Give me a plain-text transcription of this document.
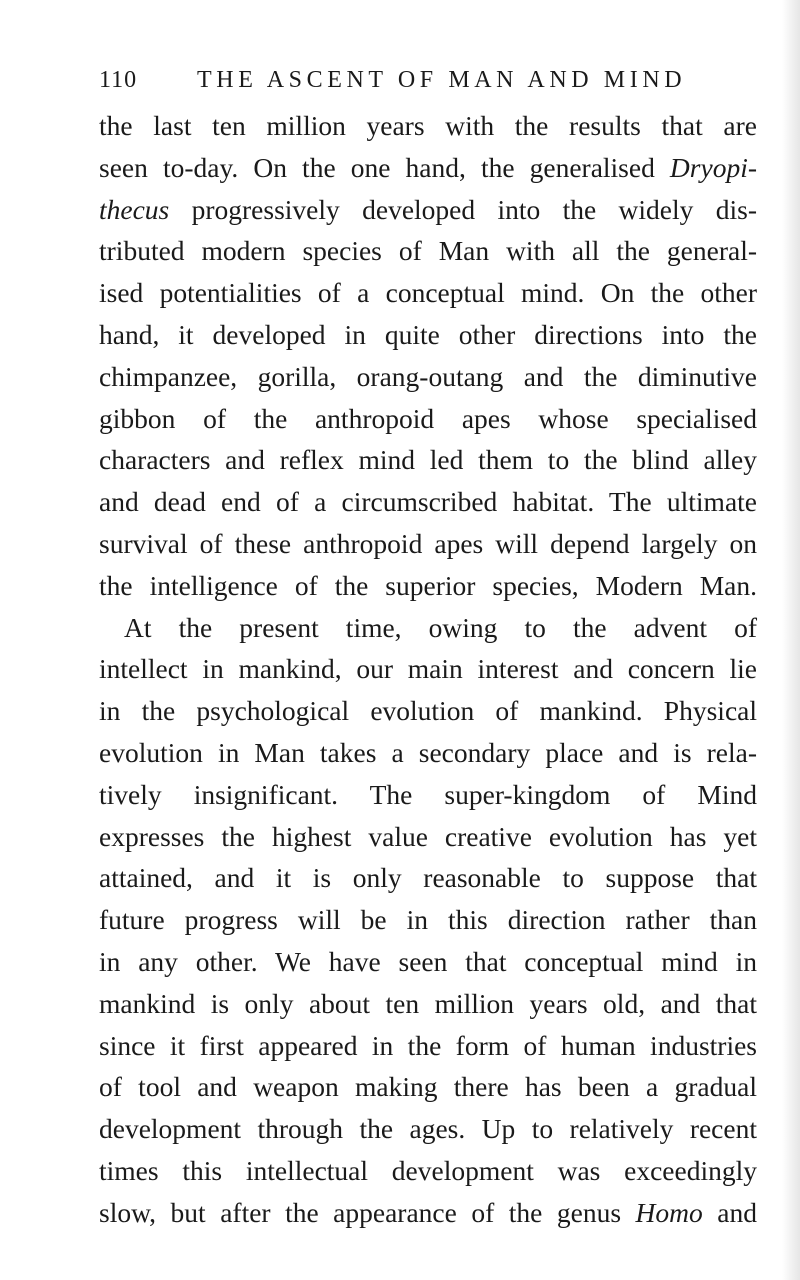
110 THE ASCENT OF MAN AND MIND
the last ten million years with the results that are
seen to-day. On the one hand, the generalised Dryopi-
thecus progressively developed into the widely dis-
tributed modern species of Man with all the general-
ised potentialities of a conceptual mind. On the other
hand, it developed in quite other directions into the
chimpanzee, gorilla, orang-outang and the diminutive
gibbon of the anthropoid apes whose specialised
characters and reflex mind led them to the blind alley
and dead end of a circumscribed habitat. The ultimate
survival of these anthropoid apes will depend largely on
the intelligence of the superior species, Modern Man.
At the present time, owing to the advent of
intellect in mankind, our main interest and concern lie
in the psychological evolution of mankind. Physical
evolution in Man takes a secondary place and is rela-
tively insignificant. The super-kingdom of Mind
expresses the highest value creative evolution has yet
attained, and it is only reasonable to suppose that
future progress will be in this direction rather than
in any other. We have seen that conceptual mind in
mankind is only about ten million years old, and that
since it first appeared in the form of human industries
of tool and weapon making there has been a gradual
development through the ages. Up to relatively recent
times this intellectual development was exceedingly
slow, but after the appearance of the genus Homo and
